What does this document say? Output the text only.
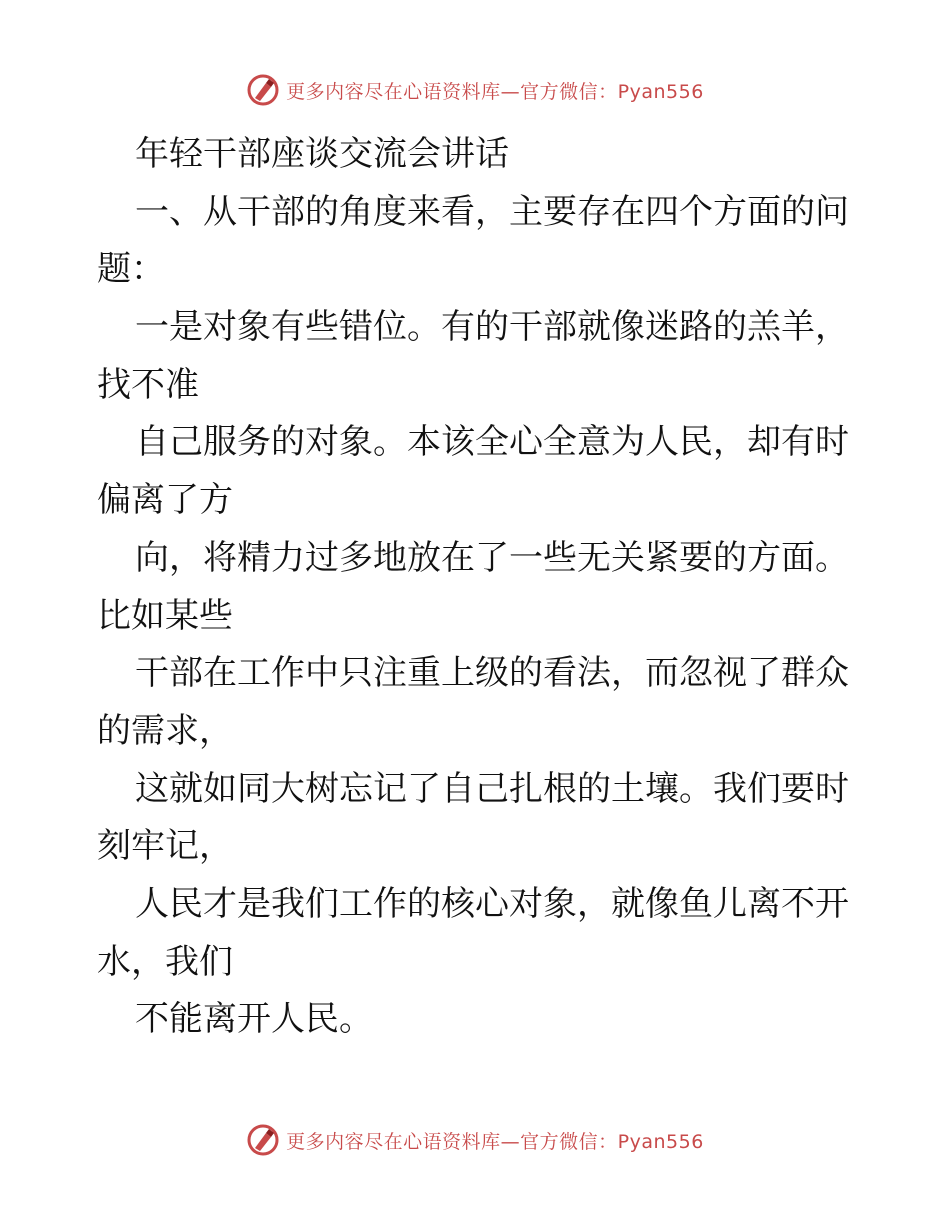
更多内容尽在心语资料库—官方微信：Pyan556
年轻干部座谈交流会讲话
一、从干部的角度来看，主要存在四个方面的问
题：
一是对象有些错位。有的干部就像迷路的羔羊，
找不准
自己服务的对象。本该全心全意为人民，却有时
偏离了方
向，将精力过多地放在了一些无关紧要的方面。
比如某些
干部在工作中只注重上级的看法，而忽视了群众
的需求，
这就如同大树忘记了自己扎根的土壤。我们要时
刻牢记，
人民才是我们工作的核心对象，就像鱼儿离不开
水，我们
不能离开人民。
更多内容尽在心语资料库—官方微信：Pyan556
